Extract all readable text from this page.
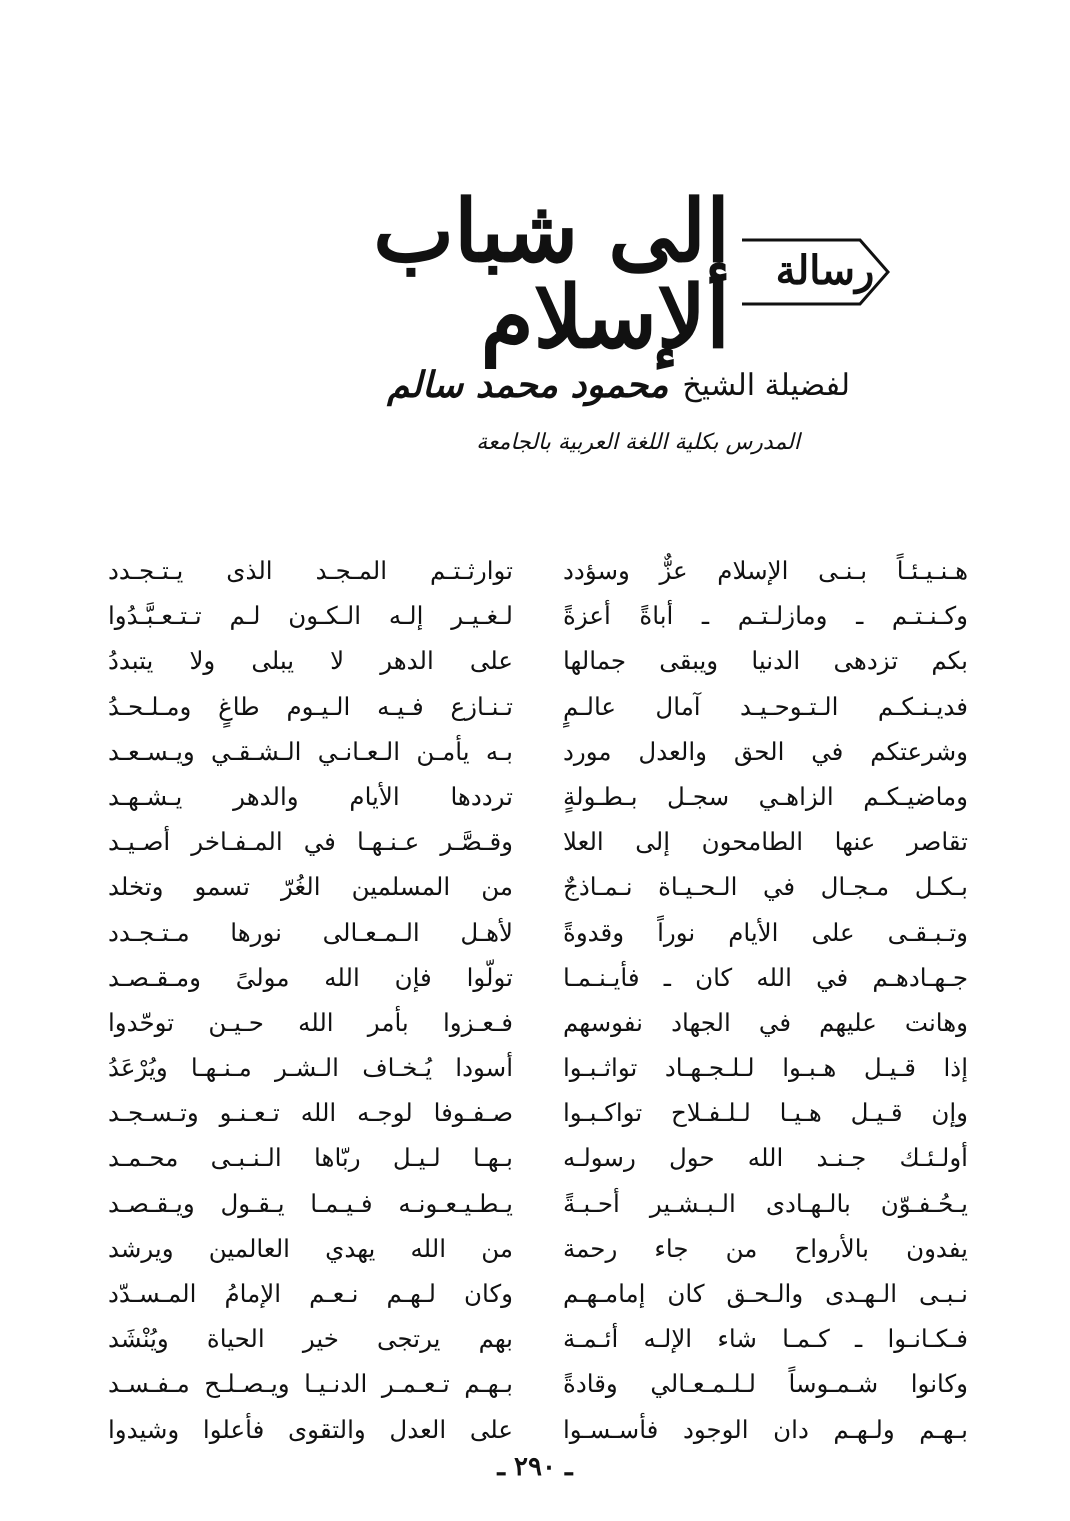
رسالة
إلى شباب الإسلام
لفضيلة الشيخ
محمود محمد سالم
المدرس بكلية اللغة العربية بالجامعة
هـنـيـئـاً بـنـى الإسلام عزٌّ وسؤدد
وكـنـتـم ـ ومازلـتـم ـ أباةً أعزةً
بكم تزدهى الدنيا ويبقى جمالها
فديـنـكـم الـتـوحـيـد آمال عالـمٍ
وشرعتكم في الحق والعدل مورد
وماضيـكـم الزاهـي سجـل بـطـولةٍ
تقاصر عنها الطامحون إلى العلا
بـكـل مـجـال في الـحـيـاة نـمـاذجٌ
وتـبـقـى على الأيام نوراً وقدوةً
جـهـادهـم في الله كان ـ فأيـنـمـا
وهانت عليهم في الجهاد نفوسهم
إذا قـيـل هـبـوا لـلـجـهـاد تواثـبـوا
وإن قـيـل هـيـا لـلـفـلاح تواكـبـوا
أولـئـك جـنـد الله حول رسولـه
يـحُـفـوّن بالـهـادى الـبـشـير أحـبـةً
يفدون بالأرواح من جاء رحمة
نـبـى الـهـدى والـحـق كان إمامـهـم
فـكـانـوا ـ كـمـا شاء الإلـه أئـمـة
وكانوا شـمـوساً لـلـمـعـالي وقادةً
بـهـم ولـهـم دان الوجود فأسـسـوا
توارثـتـم المـجـد الذى يـتـجـدد
لـغـيـر إلـه الـكـون لـم تـتـعـبَّـدُوا
على الدهر لا يبلى ولا يتبددُ
تـنـازع فـيـه الـيـوم طاغٍ ومـلـحـدُ
بـه يأمـن الـعـانـي الـشـقـي ويـسـعـد
ترددها الأيام والدهر يـشـهـد
وقـصَّـر عـنـهـا في المـفـاخر أصـيـد
من المسلمين الغُرّ تسمو وتخلد
لأهـل الـمـعـالى نورها مـتـجـدد
تولّوا فإن الله مولىً ومـقـصـد
فـعـزوا بأمر الله حـيـن توحّدوا
أسودا يُـخـاف الـشـر مـنـهـا ويُرْعَدُ
صـفـوفا لوجـه الله تـعـنـو وتـسـجـد
بـهـا لـيـل ربّاها الـنـبـى محـمـد
يـطـيـعـونـه فـيـمـا يـقـول ويـقـصـد
من الله يهدي العالمين ويرشد
وكان لـهـم نـعـم الإمامُ المـسـدّد
بهم يرتجى خير الحياة ويُنْشَد
بـهـم تـعـمـر الدنـيـا ويـصـلـح مـفـسـد
على العدل والتقوى فأعلوا وشيدوا
ـ ٢٩٠ ـ
